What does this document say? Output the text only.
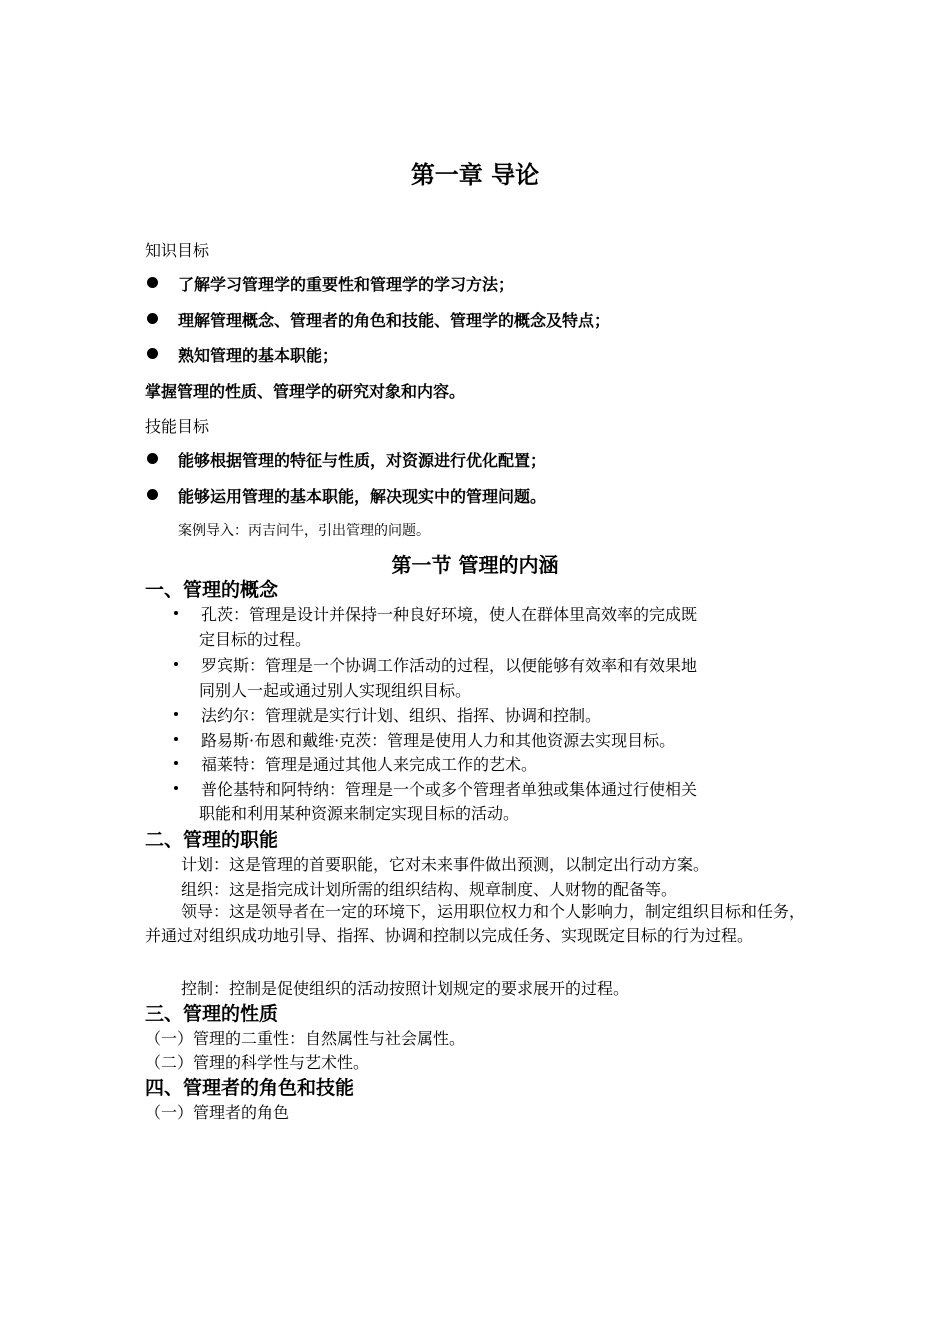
第一章 导论
知识目标
了解学习管理学的重要性和管理学的学习方法；
理解管理概念、管理者的角色和技能、管理学的概念及特点；
熟知管理的基本职能；
掌握管理的性质、管理学的研究对象和内容。
技能目标
能够根据管理的特征与性质，对资源进行优化配置；
能够运用管理的基本职能，解决现实中的管理问题。
案例导入：丙吉问牛，引出管理的问题。
第一节 管理的内涵
一、管理的概念
孔茨：管理是设计并保持一种良好环境，使人在群体里高效率的完成既
定目标的过程。
罗宾斯：管理是一个协调工作活动的过程，以便能够有效率和有效果地
同别人一起或通过别人实现组织目标。
法约尔：管理就是实行计划、组织、指挥、协调和控制。
路易斯·布恩和戴维·克茨：管理是使用人力和其他资源去实现目标。
福莱特：管理是通过其他人来完成工作的艺术。
普伦基特和阿特纳：管理是一个或多个管理者单独或集体通过行使相关
职能和利用某种资源来制定实现目标的活动。
二、管理的职能
计划：这是管理的首要职能，它对未来事件做出预测，以制定出行动方案。
组织：这是指完成计划所需的组织结构、规章制度、人财物的配备等。
领导：这是领导者在一定的环境下，运用职位权力和个人影响力，制定组织目标和任务，并通过对组织成功地引导、指挥、协调和控制以完成任务、实现既定目标的行为过程。
控制：控制是促使组织的活动按照计划规定的要求展开的过程。
三、管理的性质
（一）管理的二重性：自然属性与社会属性。
（二）管理的科学性与艺术性。
四、管理者的角色和技能
（一）管理者的角色
